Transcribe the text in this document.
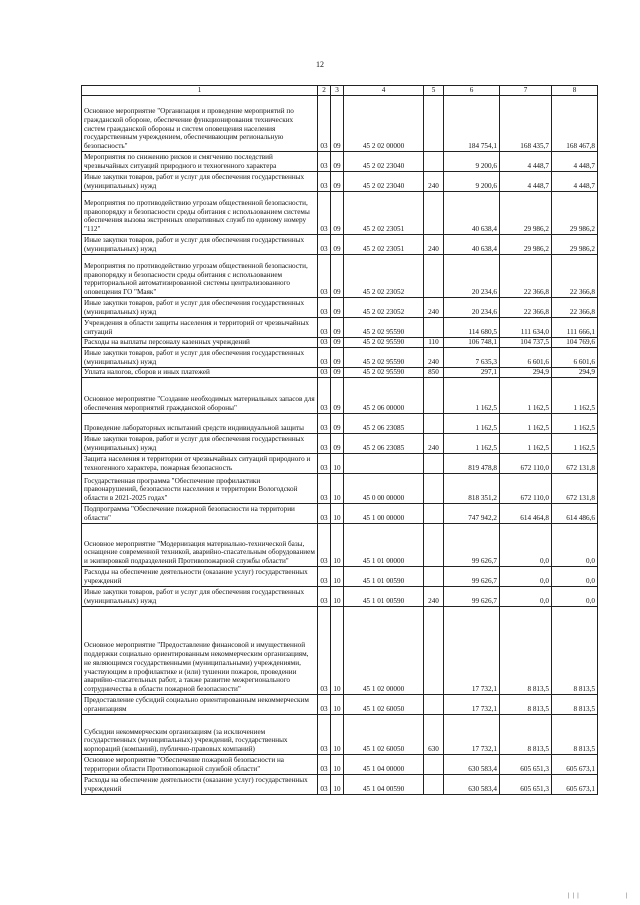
12
1	2	3	4	5	6	7	8
Основное мероприятие "Организация и проведение мероприятий по гражданской обороне, обеспечение функционирования технических систем гражданской обороны и систем оповещения населения государственным учреждением, обеспечивающим региональную безопасность"	03	09	45 2 02 00000		184 754,1	168 435,7	168 467,8
Мероприятия по снижению рисков и смягчению последствий чрезвычайных ситуаций природного и техногенного характера	03	09	45 2 02 23040		9 200,6	4 448,7	4 448,7
Иные закупки товаров, работ и услуг для обеспечения государственных (муниципальных) нужд	03	09	45 2 02 23040	240	9 200,6	4 448,7	4 448,7
Мероприятия по противодействию угрозам общественной безопасности, правопорядку и безопасности среды обитания с использованием системы обеспечения вызова экстренных оперативных служб по единому номеру "112"	03	09	45 2 02 23051		40 638,4	29 986,2	29 986,2
Иные закупки товаров, работ и услуг для обеспечения государственных (муниципальных) нужд	03	09	45 2 02 23051	240	40 638,4	29 986,2	29 986,2
Мероприятия по противодействию угрозам общественной безопасности, правопорядку и безопасности среды обитания с использованием территориальной автоматизированной системы централизованного оповещения ГО "Маяк"	03	09	45 2 02 23052		20 234,6	22 366,8	22 366,8
Иные закупки товаров, работ и услуг для обеспечения государственных (муниципальных) нужд	03	09	45 2 02 23052	240	20 234,6	22 366,8	22 366,8
Учреждения в области защиты населения и территорий от чрезвычайных ситуаций	03	09	45 2 02 95590		114 680,5	111 634,0	111 666,1
Расходы на выплаты персоналу казенных учреждений	03	09	45 2 02 95590	110	106 748,1	104 737,5	104 769,6
Иные закупки товаров, работ и услуг для обеспечения государственных (муниципальных) нужд	03	09	45 2 02 95590	240	7 635,3	6 601,6	6 601,6
Уплата налогов, сборов и иных платежей	03	09	45 2 02 95590	850	297,1	294,9	294,9
Основное мероприятие "Создание необходимых материальных запасов для обеспечения мероприятий гражданской обороны"	03	09	45 2 06 00000		1 162,5	1 162,5	1 162,5
Проведение лабораторных испытаний средств индивидуальной защиты	03	09	45 2 06 23085		1 162,5	1 162,5	1 162,5
Иные закупки товаров, работ и услуг для обеспечения государственных (муниципальных) нужд	03	09	45 2 06 23085	240	1 162,5	1 162,5	1 162,5
Защита населения и территории от чрезвычайных ситуаций природного и техногенного характера, пожарная безопасность	03	10			819 478,8	672 110,0	672 131,8
Государственная программа "Обеспечение профилактики правонарушений, безопасности населения и территории Вологодской области в 2021-2025 годах"	03	10	45 0 00 00000		818 351,2	672 110,0	672 131,8
Подпрограмма "Обеспечение пожарной безопасности на территории области"	03	10	45 1 00 00000		747 942,2	614 464,8	614 486,6
Основное мероприятие "Модернизация материально-технической базы, оснащение современной техникой, аварийно-спасательным оборудованием и экипировкой подразделений Противопожарной службы области"	03	10	45 1 01 00000		99 626,7	0,0	0,0
Расходы на обеспечение деятельности (оказание услуг) государственных учреждений	03	10	45 1 01 00590		99 626,7	0,0	0,0
Иные закупки товаров, работ и услуг для обеспечения государственных (муниципальных) нужд	03	10	45 1 01 00590	240	99 626,7	0,0	0,0
Основное мероприятие "Предоставление финансовой и имущественной поддержки социально ориентированным некоммерческим организациям, не являющимся государственными (муниципальными) учреждениями, участвующим в профилактике и (или) тушении пожаров, проведении аварийно-спасательных работ, а также развитие межрегионального сотрудничества в области пожарной безопасности"	03	10	45 1 02 00000		17 732,1	8 813,5	8 813,5
Предоставление субсидий социально ориентированным некоммерческим организациям	03	10	45 1 02 60050		17 732,1	8 813,5	8 813,5
Субсидии некоммерческим организациям (за исключением государственных (муниципальных) учреждений, государственных корпораций (компаний), публично-правовых компаний)	03	10	45 1 02 60050	630	17 732,1	8 813,5	8 813,5
Основное мероприятие "Обеспечение пожарной безопасности на территории области Противопожарной службой области"	03	10	45 1 04 00000		630 583,4	605 651,3	605 673,1
Расходы на обеспечение деятельности (оказание услуг) государственных учреждений	03	10	45 1 04 00590		630 583,4	605 651,3	605 673,1
| | |	|
